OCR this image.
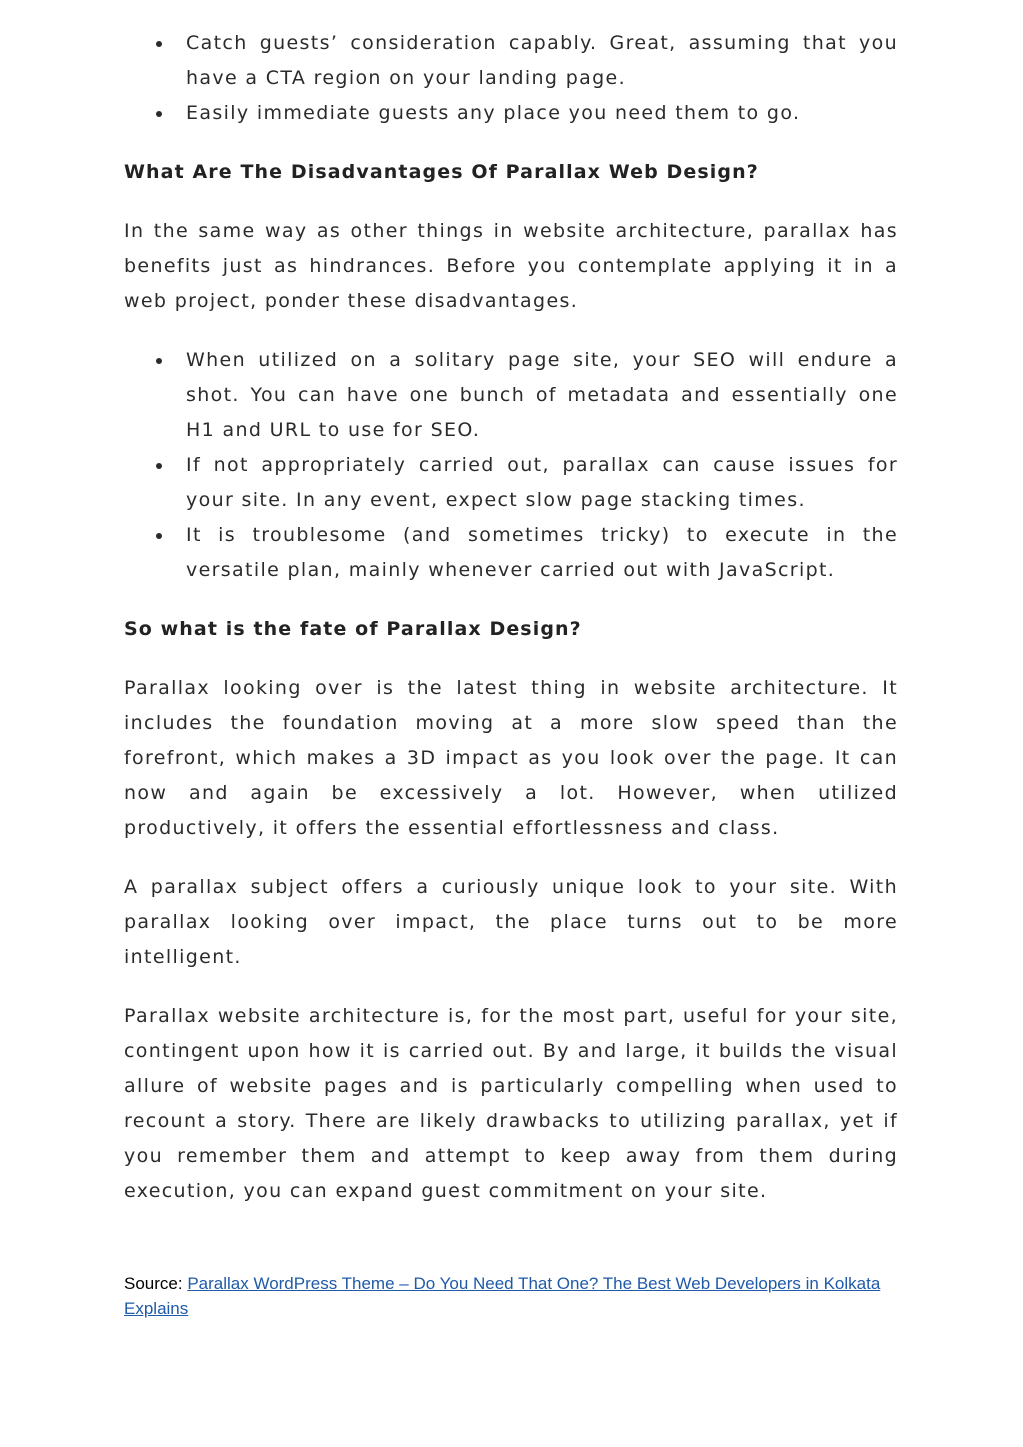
Catch guests’ consideration capably. Great, assuming that you have a CTA region on your landing page.
Easily immediate guests any place you need them to go.
What Are The Disadvantages Of Parallax Web Design?

In the same way as other things in website architecture, parallax has benefits just as hindrances. Before you contemplate applying it in a web project, ponder these disadvantages.

When utilized on a solitary page site, your SEO will endure a shot. You can have one bunch of metadata and essentially one H1 and URL to use for SEO.
If not appropriately carried out, parallax can cause issues for your site. In any event, expect slow page stacking times.
It is troublesome (and sometimes tricky) to execute in the versatile plan, mainly whenever carried out with JavaScript.
So what is the fate of Parallax Design?

Parallax looking over is the latest thing in website architecture. It includes the foundation moving at a more slow speed than the forefront, which makes a 3D impact as you look over the page. It can now and again be excessively a lot. However, when utilized productively, it offers the essential effortlessness and class.

A parallax subject offers a curiously unique look to your site. With parallax looking over impact, the place turns out to be more intelligent.

Parallax website architecture is, for the most part, useful for your site, contingent upon how it is carried out. By and large, it builds the visual allure of website pages and is particularly compelling when used to recount a story. There are likely drawbacks to utilizing parallax, yet if you remember them and attempt to keep away from them during execution, you can expand guest commitment on your site.

Source: Parallax WordPress Theme – Do You Need That One? The Best Web Developers in Kolkata Explains
